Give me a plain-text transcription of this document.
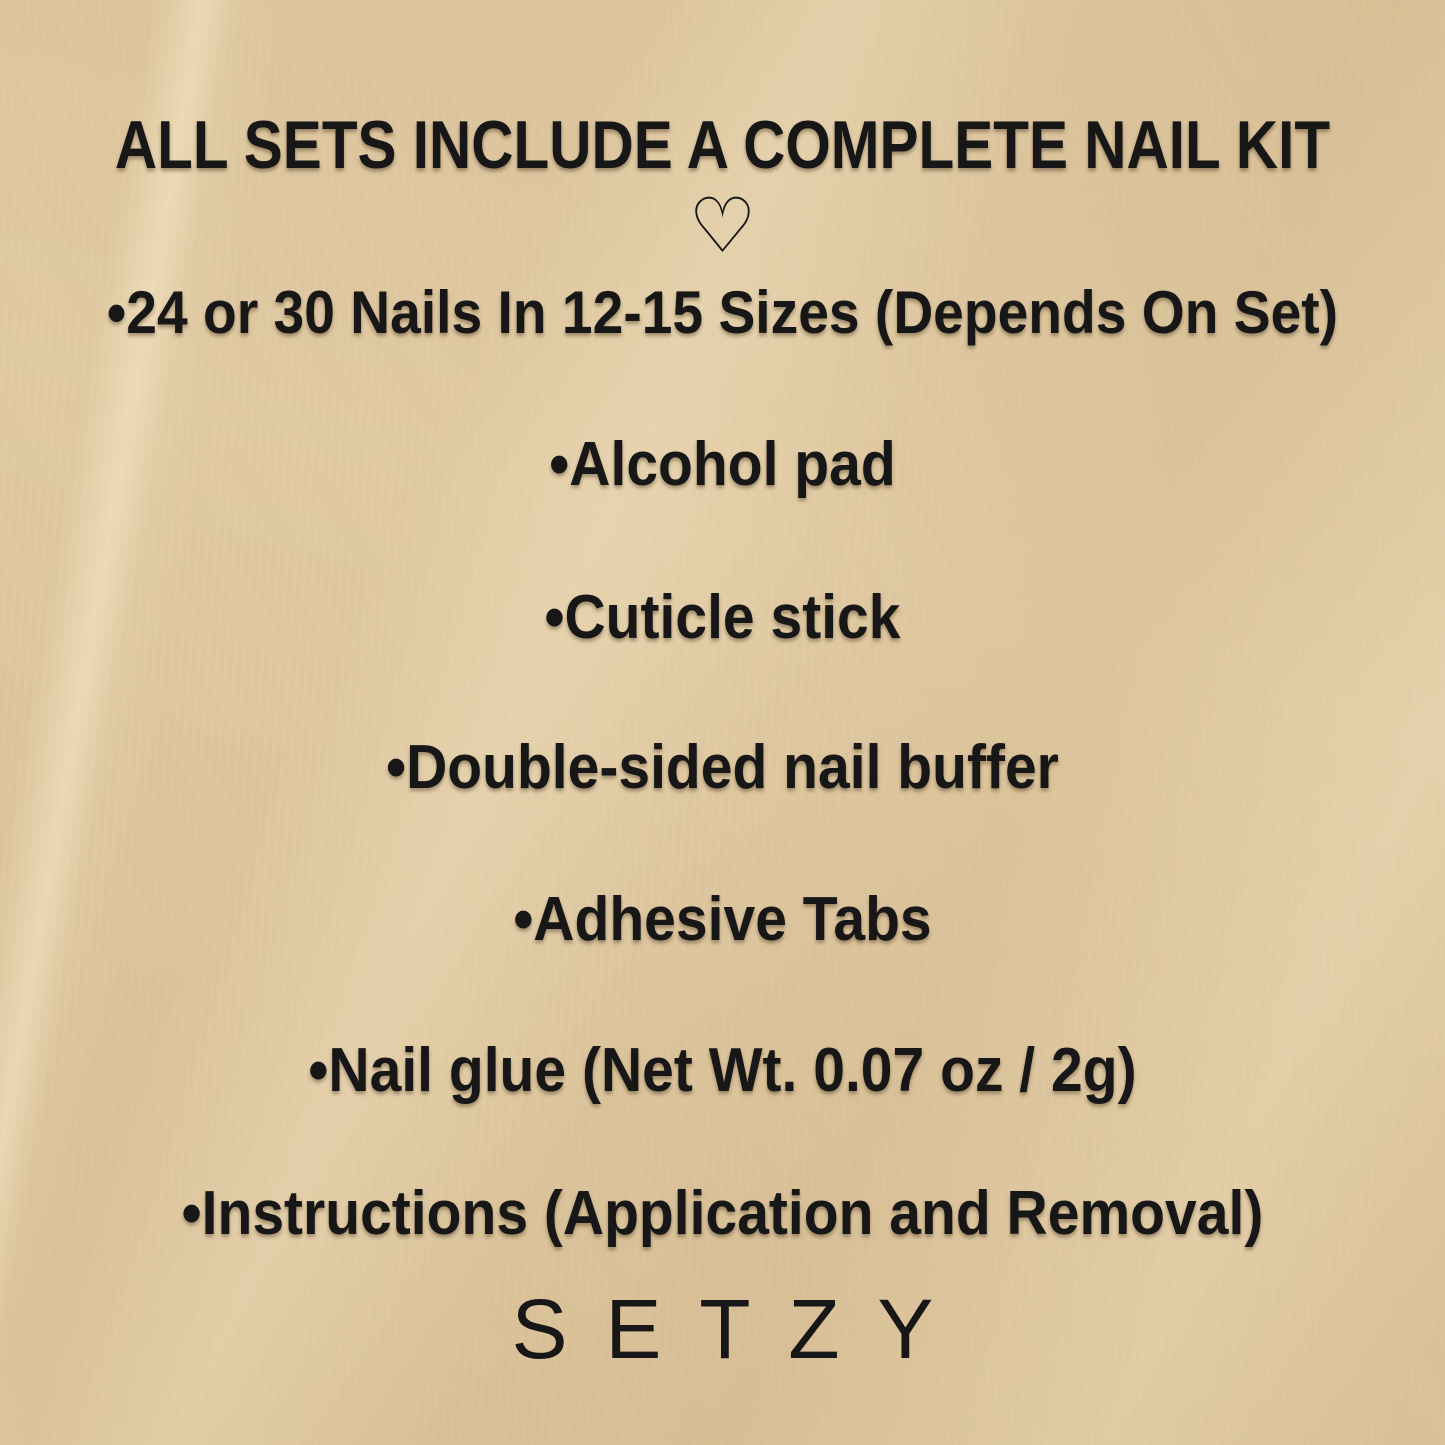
ALL SETS INCLUDE A COMPLETE NAIL KIT
♡
•24 or 30 Nails In 12-15 Sizes (Depends On Set)
•Alcohol pad
•Cuticle stick
•Double-sided nail buffer
•Adhesive Tabs
•Nail glue (Net Wt. 0.07 oz / 2g)
•Instructions (Application and Removal)
SETZY
